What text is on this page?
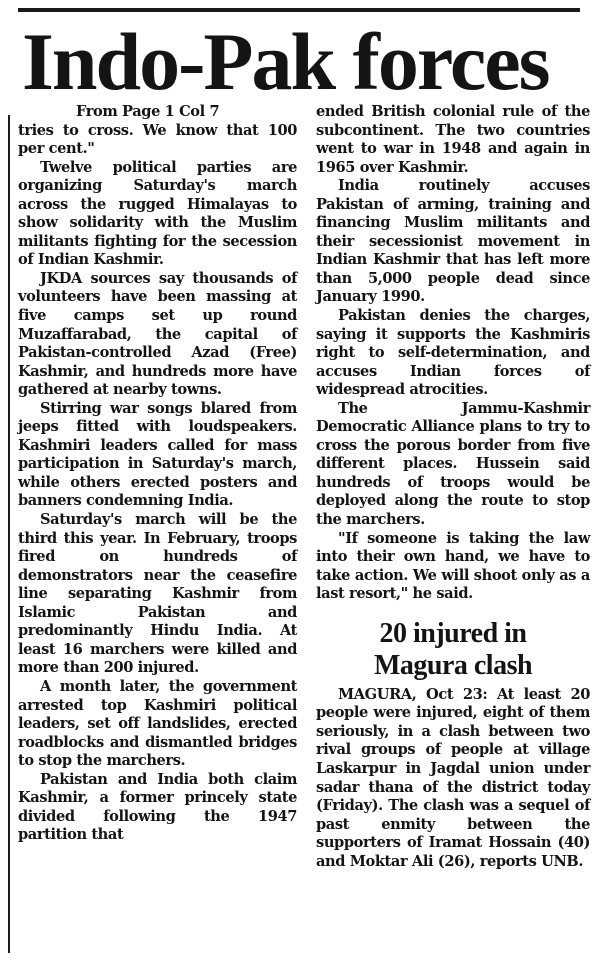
Indo-Pak forces

From Page 1 Col 7

tries to cross. We know that 100 per cent."

Twelve political parties are organizing Saturday's march across the rugged Himalayas to show solidarity with the Muslim militants fighting for the secession of Indian Kashmir.

JKDA sources say thousands of volunteers have been massing at five camps set up round Muzaffarabad, the capital of Pakistan-controlled Azad (Free) Kashmir, and hundreds more have gathered at nearby towns.

Stirring war songs blared from jeeps fitted with loudspeakers. Kashmiri leaders called for mass participation in Saturday's march, while others erected posters and banners condemning India.

Saturday's march will be the third this year. In February, troops fired on hundreds of demonstrators near the ceasefire line separating Kashmir from Islamic Pakistan and predominantly Hindu India. At least 16 marchers were killed and more than 200 injured.

A month later, the government arrested top Kashmiri political leaders, set off landslides, erected roadblocks and dismantled bridges to stop the marchers.

Pakistan and India both claim Kashmir, a former princely state divided following the 1947 partition that

ended British colonial rule of the subcontinent. The two countries went to war in 1948 and again in 1965 over Kashmir.

India routinely accuses Pakistan of arming, training and financing Muslim militants and their secessionist movement in Indian Kashmir that has left more than 5,000 people dead since January 1990.

Pakistan denies the charges, saying it supports the Kashmiris right to self-determination, and accuses Indian forces of widespread atrocities.

The Jammu-Kashmir Democratic Alliance plans to try to cross the porous border from five different places. Hussein said hundreds of troops would be deployed along the route to stop the marchers.

"If someone is taking the law into their own hand, we have to take action. We will shoot only as a last resort," he said.

20 injured in
Magura clash

MAGURA, Oct 23: At least 20 people were injured, eight of them seriously, in a clash between two rival groups of people at village Laskarpur in Jagdal union under sadar thana of the district today (Friday). The clash was a sequel of past enmity between the supporters of Iramat Hossain (40) and Moktar Ali (26), reports UNB.
